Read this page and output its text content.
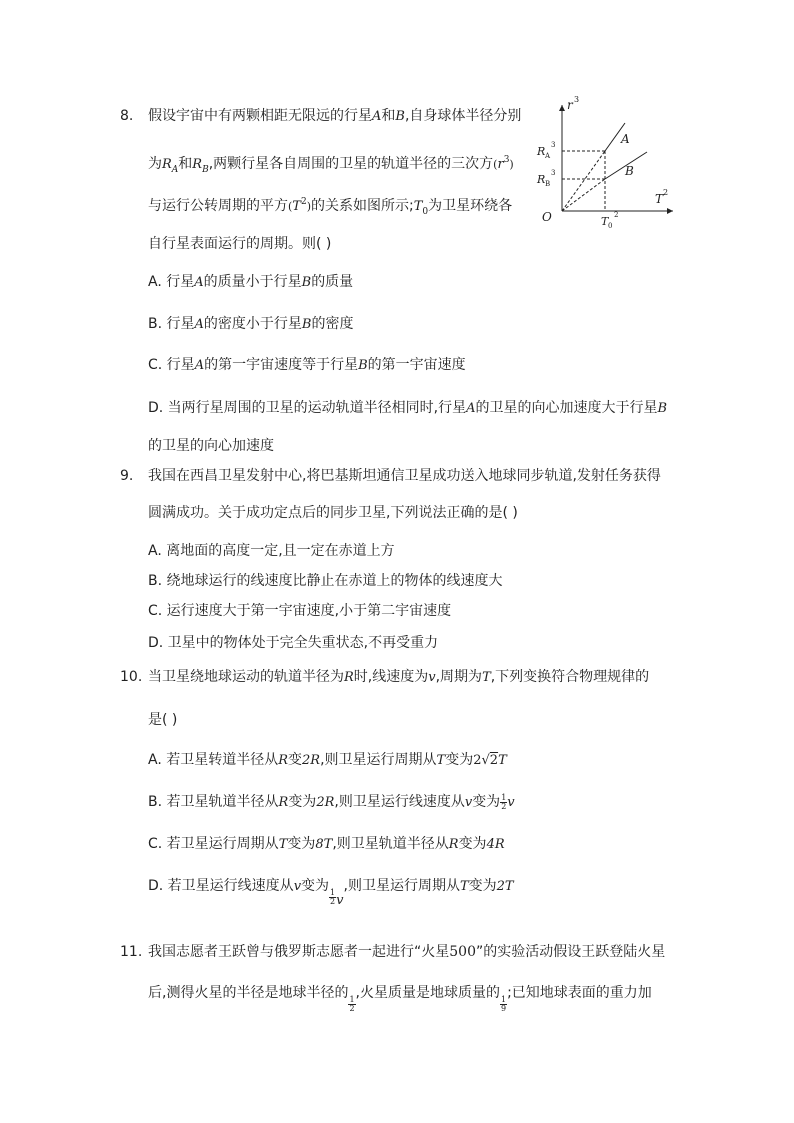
8. 假设宇宙中有两颗相距无限远的行星A和B,自身球体半径分别
为$R_A$和$R_B$,两颗行星各自周围的卫星的轨道半径的三次方$(r^3)$
与运行公转周期的平方$(T^2)$的关系如图所示$;T_0$为卫星环绕各
自行星表面运行的周期。则( )
A. 行星A的质量小于行星B的质量
B. 行星A的密度小于行星B的密度
C. 行星A的第一宇宙速度等于行星B的第一宇宙速度
D. 当两行星周围的卫星的运动轨道半径相同时,行星A的卫星的向心加速度大于行星B
的卫星的向心加速度
r 3
T 2
O
R A
3
R B
3
T 0
2
A
B
9. 我国在西昌卫星发射中心,将巴基斯坦通信卫星成功送入地球同步轨道,发射任务获得
圆满成功。关于成功定点后的同步卫星,下列说法正确的是( )
A. 离地面的高度一定,且一定在赤道上方
B. 绕地球运行的线速度比静止在赤道上的物体的线速度大
C. 运行速度大于第一宇宙速度,小于第二宇宙速度
D. 卫星中的物体处于完全失重状态,不再受重力
10. 当卫星绕地球运动的轨道半径为R时,线速度为v,周期为T,下列变换符合物理规律的
是( )
A. 若卫星转道半径从R变2R,则卫星运行周期从T变为2√2T
B. 若卫星轨道半径从R变为2R,则卫星运行线速度从v变为 $\frac{1}{2}$ v
C. 若卫星运行周期从T变为8T,则卫星轨道半径从R变为4R
D. 若卫星运行线速度从v变为
$\frac{1}{2} v$,则卫星运行周期从T变为2T
11. 我国志愿者王跃曾与俄罗斯志愿者一起进行“火星500”的实验活动假设王跃登陆火星
后,测得火星的半径是地球半径的
$\frac{1}{2}$
,火星质量是地球质量的
$\frac{1}{9}$
;已知地球表面的重力加
